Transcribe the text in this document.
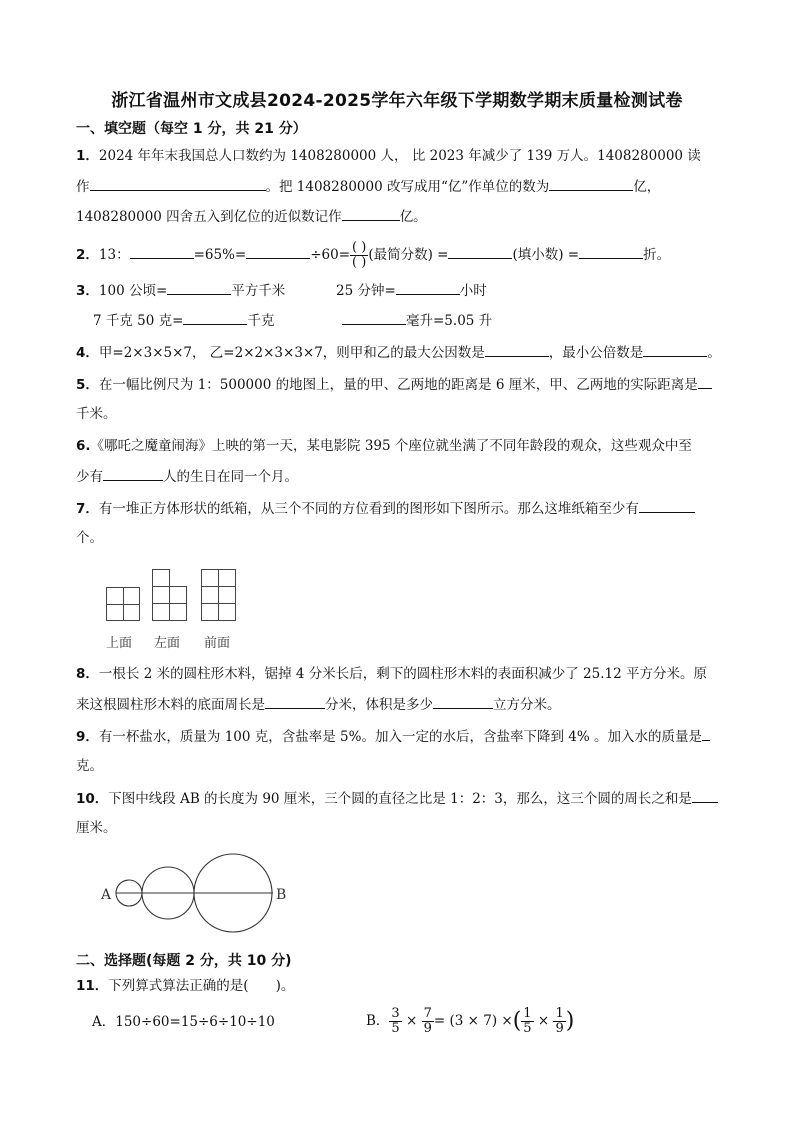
浙江省温州市文成县2024-2025学年六年级下学期数学期末质量检测试卷
一、填空题（每空 1 分，共 21 分）
1．2024 年年末我国总人口数约为 1408280000 人， 比 2023 年减少了 139 万人。1408280000 读
作	。把 1408280000 改写成用“亿”作单位的数为	亿，
1408280000 四舍五入到亿位的近似数记作	亿。
2．13：	=65%=	$\div 60= \frac{( )}{( )}$ (最简分数) =	(填小数) =	折。
3．100 公顷=	平方千米	25 分钟=	小时
7 千克 50 克=	千克	毫升=5.05 升
4．甲=2×3×5×7， 乙=2×2×3×3×7，则甲和乙的最大公因数是	，最小公倍数是	。
5．在一幅比例尺为 1：500000 的地图上，量的甲、乙两地的距离是 6 厘米，甲、乙两地的实际距离是
千米。
6.《哪吒之魔童闹海》上映的第一天，某电影院 395 个座位就坐满了不同年龄段的观众，这些观众中至
少有	人的生日在同一个月。
7．有一堆正方体形状的纸箱，从三个不同的方位看到的图形如下图所示。那么这堆纸箱至少有
个。
上面 左面 前面
8．一根长 2 米的圆柱形木料，锯掉 4 分米长后，剩下的圆柱形木料的表面积减少了 25.12 平方分米。原
来这根圆柱形木料的底面周长是	分米，体积是多少	立方分米。
9．有一杯盐水，质量为 100 克，含盐率是 5%。加入一定的水后，含盐率下降到 4% 。加入水的质量是
克。
10．下图中线段 AB 的长度为 90 厘米，三个圆的直径之比是 1：2：3，那么，这三个圆的周长之和是
厘米。
A	B
二、选择题(每题 2 分，共 10 分)
11．下列算式算法正确的是(　　)。
A．150÷60=15÷6÷10÷10	B． $\frac{3}{5} \times \frac{7}{9} = (3 \times 7)$ ×( $\frac{1}{5} \times \frac{1}{9}$ )
